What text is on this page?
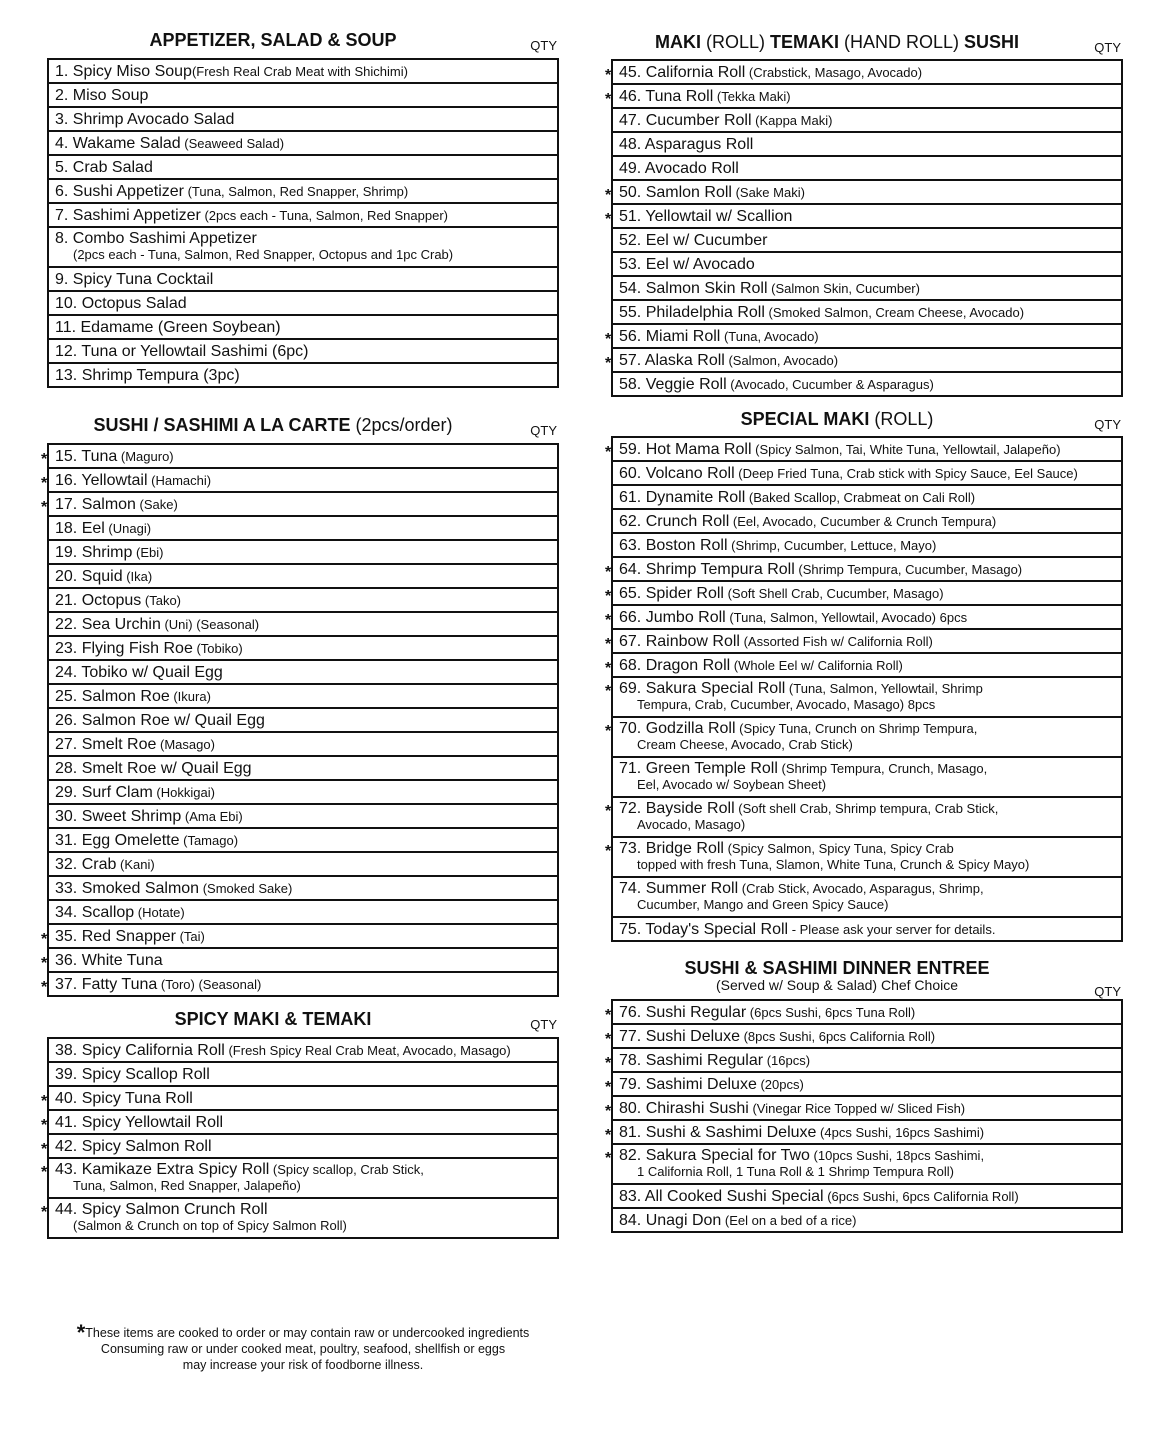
APPETIZER, SALAD & SOUP	QTY
1. Spicy Miso Soup(Fresh Real Crab Meat with Shichimi)

2. Miso Soup

3. Shrimp Avocado Salad

4. Wakame Salad (Seaweed Salad)

5. Crab Salad

6. Sushi Appetizer (Tuna, Salmon, Red Snapper, Shrimp)

7. Sashimi Appetizer (2pcs each - Tuna, Salmon, Red Snapper)

8. Combo Sashimi Appetizer
(2pcs each - Tuna, Salmon, Red Snapper, Octopus and 1pc Crab)

9. Spicy Tuna Cocktail

10. Octopus Salad

11. Edamame (Green Soybean)

12. Tuna or Yellowtail Sashimi (6pc)

13. Shrimp Tempura (3pc)
SUSHI / SASHIMI A LA CARTE (2pcs/order)	QTY
* 15. Tuna (Maguro)

* 16. Yellowtail (Hamachi)

* 17. Salmon (Sake)

18. Eel (Unagi)

19. Shrimp (Ebi)

20. Squid (Ika)

21. Octopus (Tako)

22. Sea Urchin (Uni) (Seasonal)

23. Flying Fish Roe (Tobiko)

24. Tobiko w/ Quail Egg

25. Salmon Roe (Ikura)

26. Salmon Roe w/ Quail Egg

27. Smelt Roe (Masago)

28. Smelt Roe w/ Quail Egg

29. Surf Clam (Hokkigai)

30. Sweet Shrimp (Ama Ebi)

31. Egg Omelette (Tamago)

32. Crab (Kani)

33. Smoked Salmon (Smoked Sake)

34. Scallop (Hotate)

* 35. Red Snapper (Tai)

* 36. White Tuna

* 37. Fatty Tuna (Toro) (Seasonal)
SPICY MAKI & TEMAKI	QTY
38. Spicy California Roll (Fresh Spicy Real Crab Meat, Avocado, Masago)

39. Spicy Scallop Roll

* 40. Spicy Tuna Roll

* 41. Spicy Yellowtail Roll

* 42. Spicy Salmon Roll

* 43. Kamikaze Extra Spicy Roll (Spicy scallop, Crab Stick,
Tuna, Salmon, Red Snapper, Jalapeño)

* 44. Spicy Salmon Crunch Roll
(Salmon & Crunch on top of Spicy Salmon Roll)
MAKI (ROLL) TEMAKI (HAND ROLL) SUSHI	QTY
* 45. California Roll (Crabstick, Masago, Avocado)

* 46. Tuna Roll (Tekka Maki)

47. Cucumber Roll (Kappa Maki)

48. Asparagus Roll

49. Avocado Roll

* 50. Samlon Roll (Sake Maki)

* 51. Yellowtail w/ Scallion

52. Eel w/ Cucumber

53. Eel w/ Avocado

54. Salmon Skin Roll (Salmon Skin, Cucumber)

55. Philadelphia Roll (Smoked Salmon, Cream Cheese, Avocado)

* 56. Miami Roll (Tuna, Avocado)

* 57. Alaska Roll (Salmon, Avocado)

58. Veggie Roll (Avocado, Cucumber & Asparagus)
SPECIAL MAKI (ROLL)	QTY
* 59. Hot Mama Roll (Spicy Salmon, Tai, White Tuna, Yellowtail, Jalapeño)

60. Volcano Roll (Deep Fried Tuna, Crab stick with Spicy Sauce, Eel Sauce)

61. Dynamite Roll (Baked Scallop, Crabmeat on Cali Roll)

62. Crunch Roll (Eel, Avocado, Cucumber & Crunch Tempura)

63. Boston Roll (Shrimp, Cucumber, Lettuce, Mayo)

* 64. Shrimp Tempura Roll (Shrimp Tempura, Cucumber, Masago)

* 65. Spider Roll (Soft Shell Crab, Cucumber, Masago)

* 66. Jumbo Roll (Tuna, Salmon, Yellowtail, Avocado) 6pcs

* 67. Rainbow Roll (Assorted Fish w/ California Roll)

* 68. Dragon Roll (Whole Eel w/ California Roll)

* 69. Sakura Special Roll (Tuna, Salmon, Yellowtail, Shrimp
Tempura, Crab, Cucumber, Avocado, Masago) 8pcs

* 70. Godzilla Roll (Spicy Tuna, Crunch on Shrimp Tempura,
Cream Cheese, Avocado, Crab Stick)

71. Green Temple Roll (Shrimp Tempura, Crunch, Masago,
Eel, Avocado w/ Soybean Sheet)

* 72. Bayside Roll (Soft shell Crab, Shrimp tempura, Crab Stick,
Avocado, Masago)

* 73. Bridge Roll (Spicy Salmon, Spicy Tuna, Spicy Crab
topped with fresh Tuna, Slamon, White Tuna, Crunch & Spicy Mayo)

74. Summer Roll (Crab Stick, Avocado, Asparagus, Shrimp,
Cucumber, Mango and Green Spicy Sauce)

75. Today's Special Roll - Please ask your server for details.
SUSHI & SASHIMI DINNER ENTREE
(Served w/ Soup & Salad) Chef Choice	QTY
* 76. Sushi Regular (6pcs Sushi, 6pcs Tuna Roll)

* 77. Sushi Deluxe (8pcs Sushi, 6pcs California Roll)

* 78. Sashimi Regular (16pcs)

* 79. Sashimi Deluxe (20pcs)

* 80. Chirashi Sushi (Vinegar Rice Topped w/ Sliced Fish)

* 81. Sushi & Sashimi Deluxe (4pcs Sushi, 16pcs Sashimi)

* 82. Sakura Special for Two (10pcs Sushi, 18pcs Sashimi,
1 California Roll, 1 Tuna Roll & 1 Shrimp Tempura Roll)

83. All Cooked Sushi Special (6pcs Sushi, 6pcs California Roll)

84. Unagi Don (Eel on a bed of a rice)
*These items are cooked to order or may contain raw or undercooked ingredients
Consuming raw or under cooked meat, poultry, seafood, shellfish or eggs
may increase your risk of foodborne illness.
